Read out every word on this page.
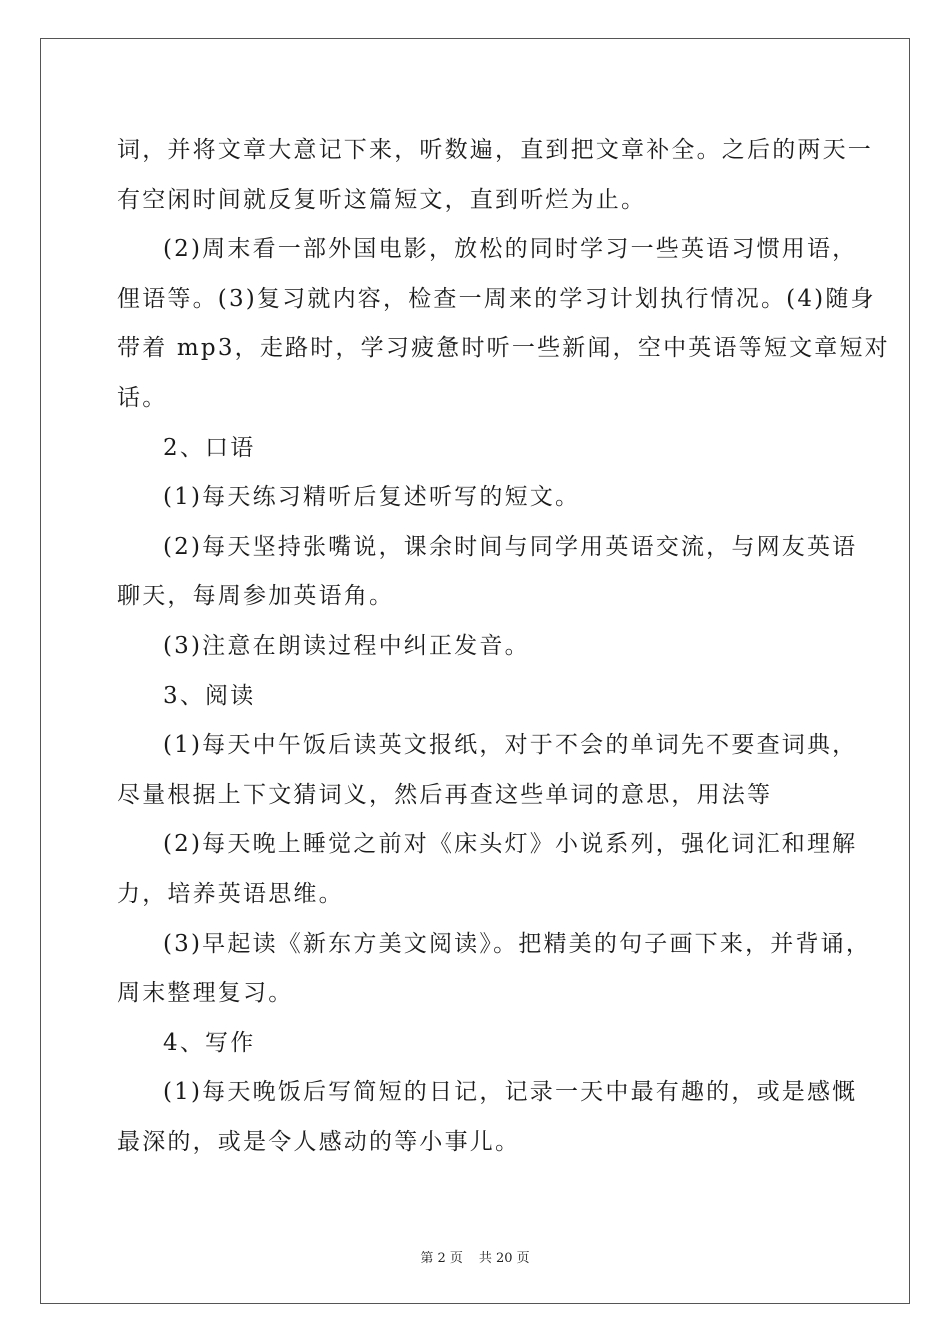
词，并将文章大意记下来，听数遍，直到把文章补全。之后的两天一
有空闲时间就反复听这篇短文，直到听烂为止。
(2)周末看一部外国电影，放松的同时学习一些英语习惯用语，
俚语等。(3)复习就内容，检查一周来的学习计划执行情况。(4)随身
带着 mp3，走路时，学习疲惫时听一些新闻，空中英语等短文章短对
话。
2、口语
(1)每天练习精听后复述听写的短文。
(2)每天坚持张嘴说，课余时间与同学用英语交流，与网友英语
聊天，每周参加英语角。
(3)注意在朗读过程中纠正发音。
3、阅读
(1)每天中午饭后读英文报纸，对于不会的单词先不要查词典，
尽量根据上下文猜词义，然后再查这些单词的意思，用法等
(2)每天晚上睡觉之前对《床头灯》小说系列，强化词汇和理解
力，培养英语思维。
(3)早起读《新东方美文阅读》。把精美的句子画下来，并背诵，
周末整理复习。
4、写作
(1)每天晚饭后写简短的日记，记录一天中最有趣的，或是感慨
最深的，或是令人感动的等小事儿。
第 2 页 共 20 页
